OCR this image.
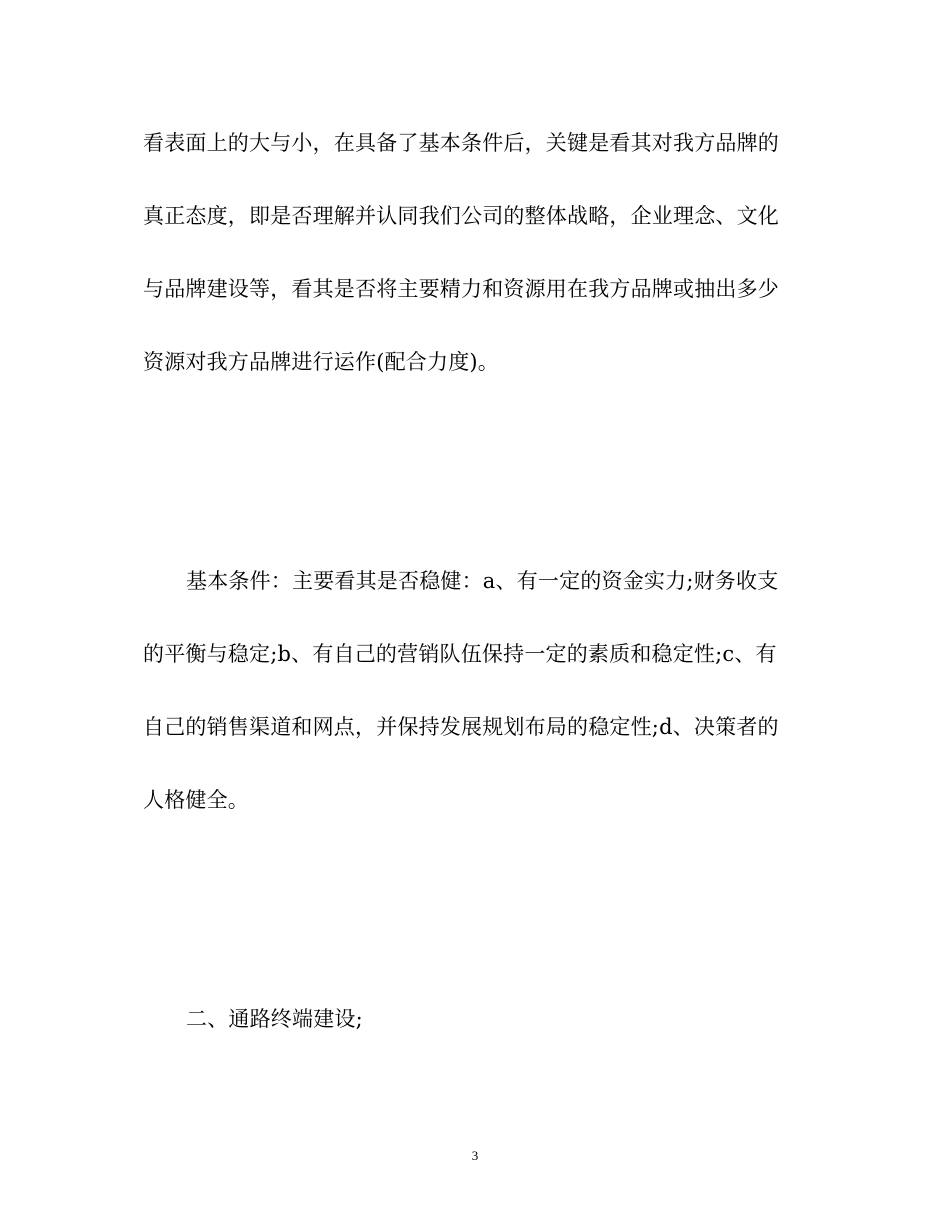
看表面上的大与小，在具备了基本条件后，关键是看其对我方品牌的
真正态度，即是否理解并认同我们公司的整体战略，企业理念、文化
与品牌建设等，看其是否将主要精力和资源用在我方品牌或抽出多少
资源对我方品牌进行运作(配合力度)。
基本条件：主要看其是否稳健：a、有一定的资金实力;财务收支
的平衡与稳定;b、有自己的营销队伍保持一定的素质和稳定性;c、有
自己的销售渠道和网点，并保持发展规划布局的稳定性;d、决策者的
人格健全。
二、通路终端建设;
3
